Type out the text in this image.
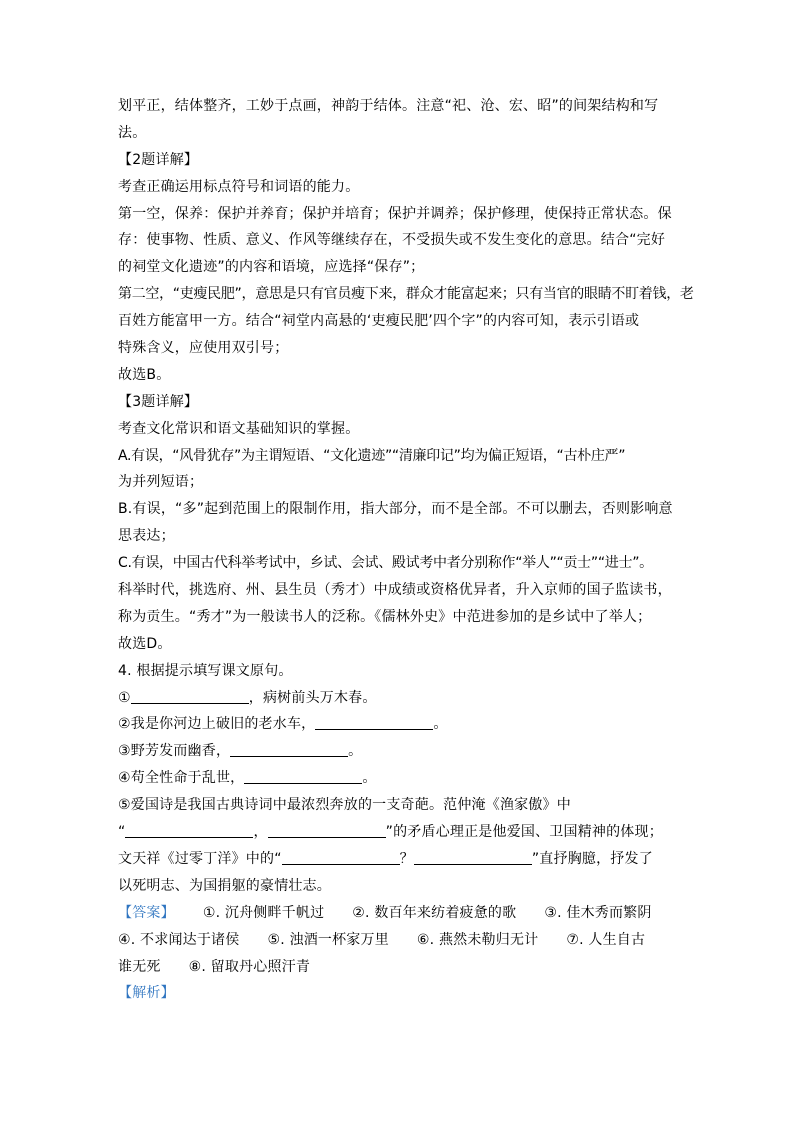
划平正，结体整齐，工妙于点画，神韵于结体。注意“祀、沧、宏、昭”的间架结构和写
法。
【2题详解】
考查正确运用标点符号和词语的能力。
第一空，保养：保护并养育；保护并培育；保护并调养；保护修理，使保持正常状态。保
存：使事物、性质、意义、作风等继续存在，不受损失或不发生变化的意思。结合“完好
的祠堂文化遗迹”的内容和语境，应选择“保存”；
第二空，“吏瘦民肥”，意思是只有官员瘦下来，群众才能富起来；只有当官的眼睛不盯着钱，老
百姓方能富甲一方。结合“祠堂内高悬的‘吏瘦民肥’四个字”的内容可知，表示引语或
特殊含义，应使用双引号；
故选B。
【3题详解】
考查文化常识和语文基础知识的掌握。
A.有误，“风骨犹存”为主谓短语、“文化遗迹”“清廉印记”均为偏正短语，“古朴庄严”
为并列短语；
B.有误，“多”起到范围上的限制作用，指大部分，而不是全部。不可以删去，否则影响意
思表达；
C.有误，中国古代科举考试中，乡试、会试、殿试考中者分别称作“举人”“贡士”“进士”。
科举时代，挑选府、州、县生员（秀才）中成绩或资格优异者，升入京师的国子监读书，
称为贡生。“秀才”为一般读书人的泛称。《儒林外史》中范进参加的是乡试中了举人；
故选D。
4. 根据提示填写课文原句。
①	，病树前头万木春。
②我是你河边上破旧的老水车，	。
③野芳发而幽香，	。
④苟全性命于乱世，	。
⑤爱国诗是我国古典诗词中最浓烈奔放的一支奇葩。范仲淹《渔家傲》中
“	，	”的矛盾心理正是他爱国、卫国精神的体现；
文天祥《过零丁洋》中的“	？	”直抒胸臆，抒发了
以死明志、为国捐躯的豪情壮志。
【答案】 ①. 沉舟侧畔千帆过 ②. 数百年来纺着疲惫的歌 ③. 佳木秀而繁阴
④. 不求闻达于诸侯 ⑤. 浊酒一杯家万里 ⑥. 燕然未勒归无计 ⑦. 人生自古
谁无死 ⑧. 留取丹心照汗青
【解析】
